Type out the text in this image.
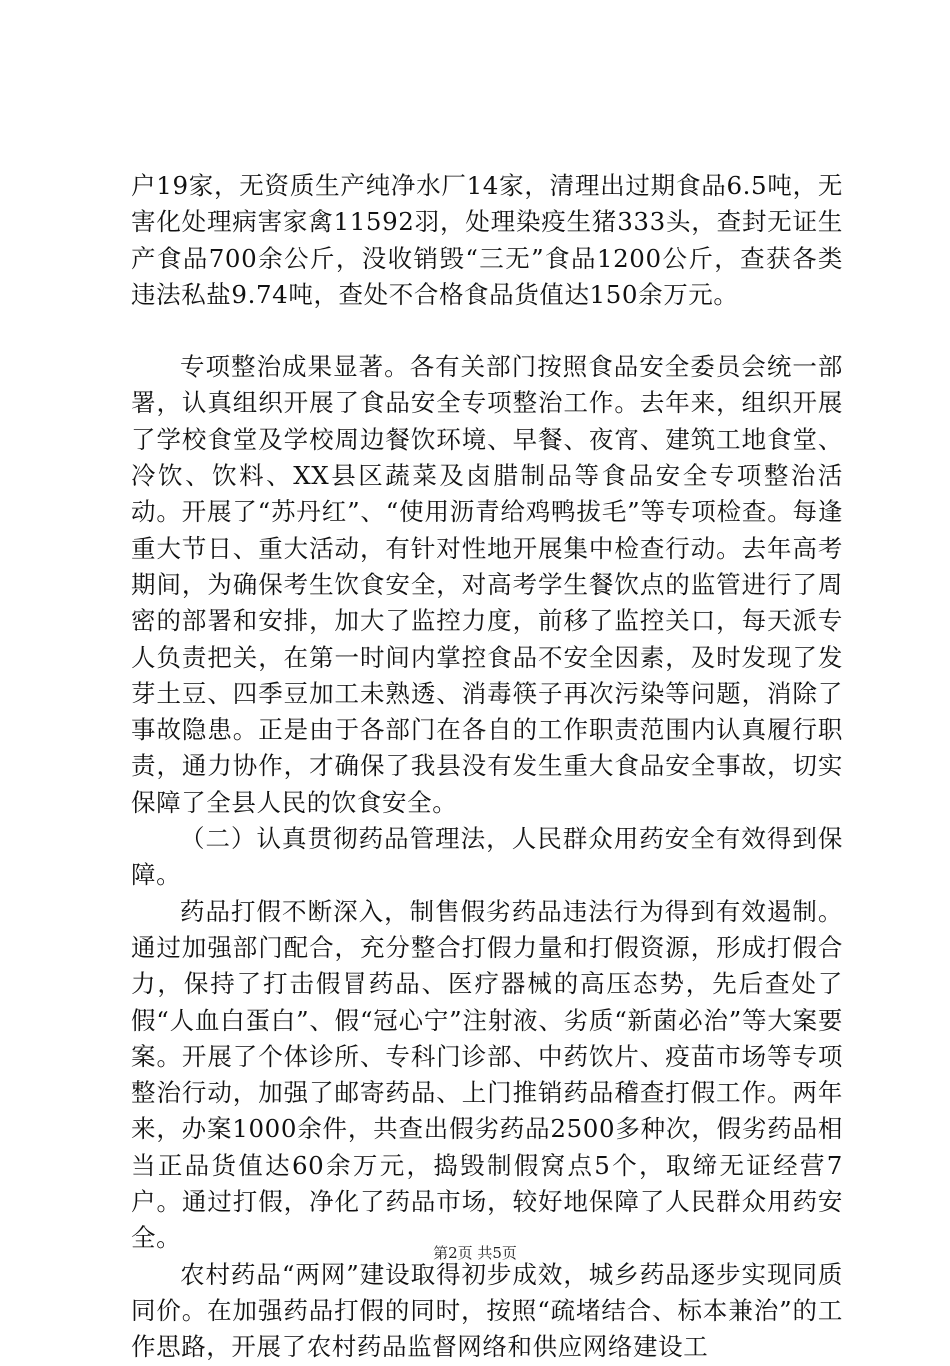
户19家，无资质生产纯净水厂14家，清理出过期食品6.5吨，无害化处理病害家禽11592羽，处理染疫生猪333头，查封无证生产食品700余公斤，没收销毁“三无”食品1200公斤，查获各类违法私盐9.74吨，查处不合格食品货值达150余万元。

专项整治成果显著。各有关部门按照食品安全委员会统一部署，认真组织开展了食品安全专项整治工作。去年来，组织开展了学校食堂及学校周边餐饮环境、早餐、夜宵、建筑工地食堂、冷饮、饮料、XX县区蔬菜及卤腊制品等食品安全专项整治活动。开展了“苏丹红”、“使用沥青给鸡鸭拔毛”等专项检查。每逢重大节日、重大活动，有针对性地开展集中检查行动。去年高考期间，为确保考生饮食安全，对高考学生餐饮点的监管进行了周密的部署和安排，加大了监控力度，前移了监控关口，每天派专人负责把关，在第一时间内掌控食品不安全因素，及时发现了发芽土豆、四季豆加工未熟透、消毒筷子再次污染等问题，消除了事故隐患。正是由于各部门在各自的工作职责范围内认真履行职责，通力协作，才确保了我县没有发生重大食品安全事故，切实保障了全县人民的饮食安全。

（二）认真贯彻药品管理法，人民群众用药安全有效得到保障。

药品打假不断深入，制售假劣药品违法行为得到有效遏制。通过加强部门配合，充分整合打假力量和打假资源，形成打假合力，保持了打击假冒药品、医疗器械的高压态势，先后查处了假“人血白蛋白”、假“冠心宁”注射液、劣质“新菌必治”等大案要案。开展了个体诊所、专科门诊部、中药饮片、疫苗市场等专项整治行动，加强了邮寄药品、上门推销药品稽查打假工作。两年来，办案1000余件，共查出假劣药品2500多种次，假劣药品相当正品货值达60余万元，捣毁制假窝点5个，取缔无证经营7户。通过打假，净化了药品市场，较好地保障了人民群众用药安全。

农村药品“两网”建设取得初步成效，城乡药品逐步实现同质同价。在加强药品打假的同时，按照“疏堵结合、标本兼治”的工作思路，开展了农村药品监督网络和供应网络建设工

第2页 共5页
